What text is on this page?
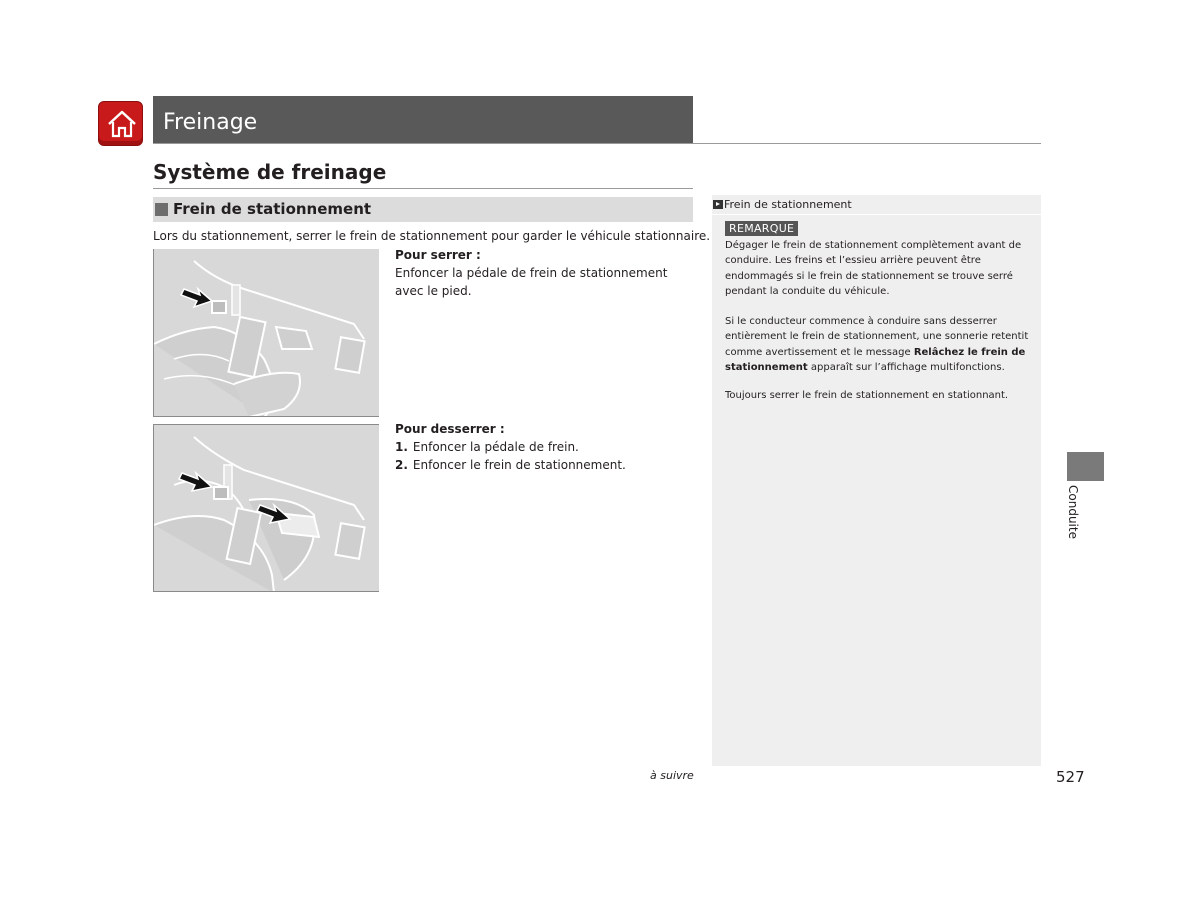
Freinage
Système de freinage
Frein de stationnement
Lors du stationnement, serrer le frein de stationnement pour garder le véhicule stationnaire.
Pour serrer :
Enfoncer la pédale de frein de stationnement avec le pied.
Pour desserrer :
1. Enfoncer la pédale de frein.
2. Enfoncer le frein de stationnement.
Frein de stationnement
REMARQUE
Dégager le frein de stationnement complètement avant de conduire. Les freins et l’essieu arrière peuvent être endommagés si le frein de stationnement se trouve serré pendant la conduite du véhicule.
Si le conducteur commence à conduire sans desserrer entièrement le frein de stationnement, une sonnerie retentit comme avertissement et le message Relâchez le frein de stationnement apparaît sur l’affichage multifonctions.
Toujours serrer le frein de stationnement en stationnant.
Conduite
à suivre	527
